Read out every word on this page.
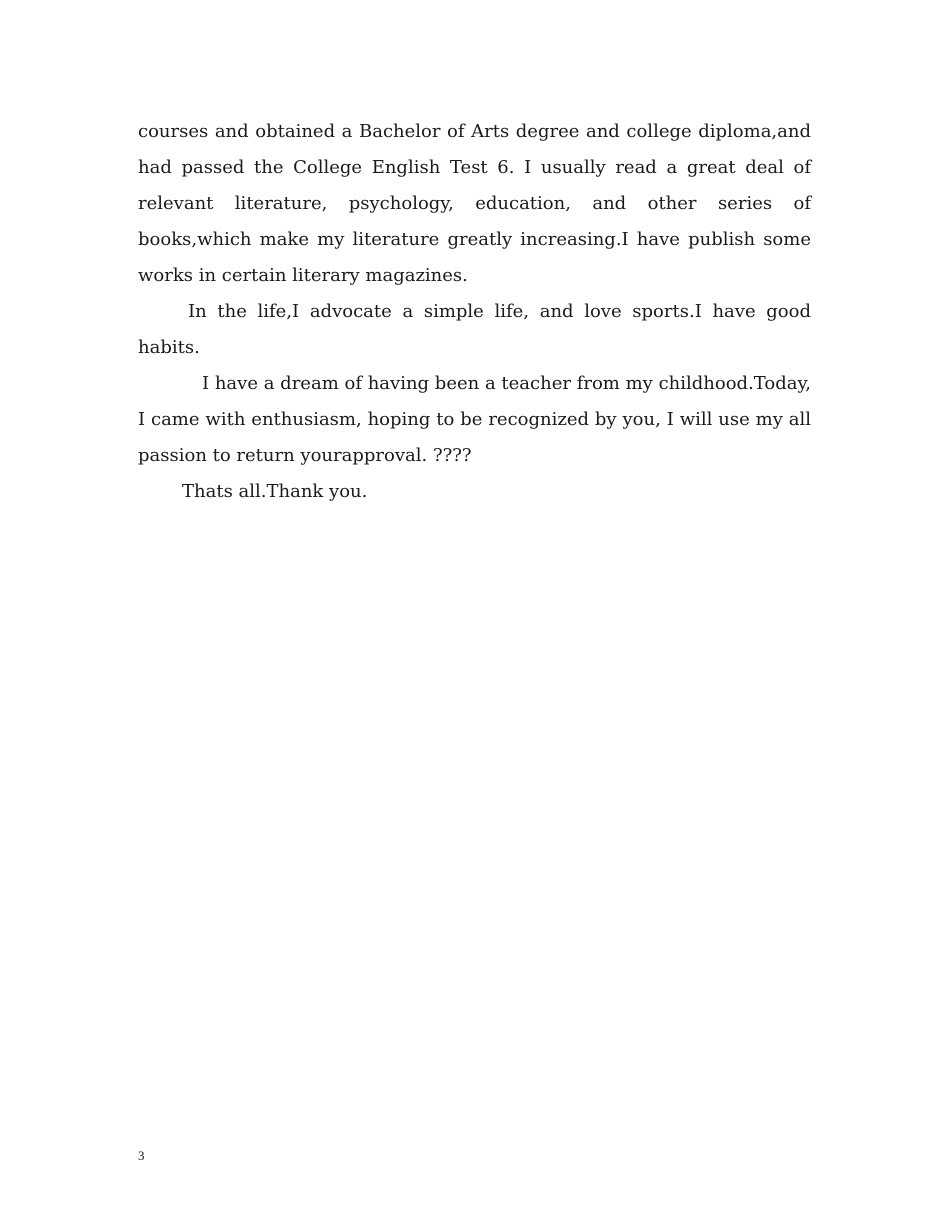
courses and obtained a Bachelor of Arts degree and college diploma,and had passed the College English Test 6. I usually read a great deal of relevant literature, psychology, education, and other series of books,which make my literature greatly increasing.I have publish some works in certain literary magazines.

In the life,I advocate a simple life, and love sports.I have good habits.

I have a dream of having been a teacher from my childhood.Today, I came with enthusiasm, hoping to be recognized by you, I will use my all passion to return yourapproval. ????

Thats all.Thank you.

3
